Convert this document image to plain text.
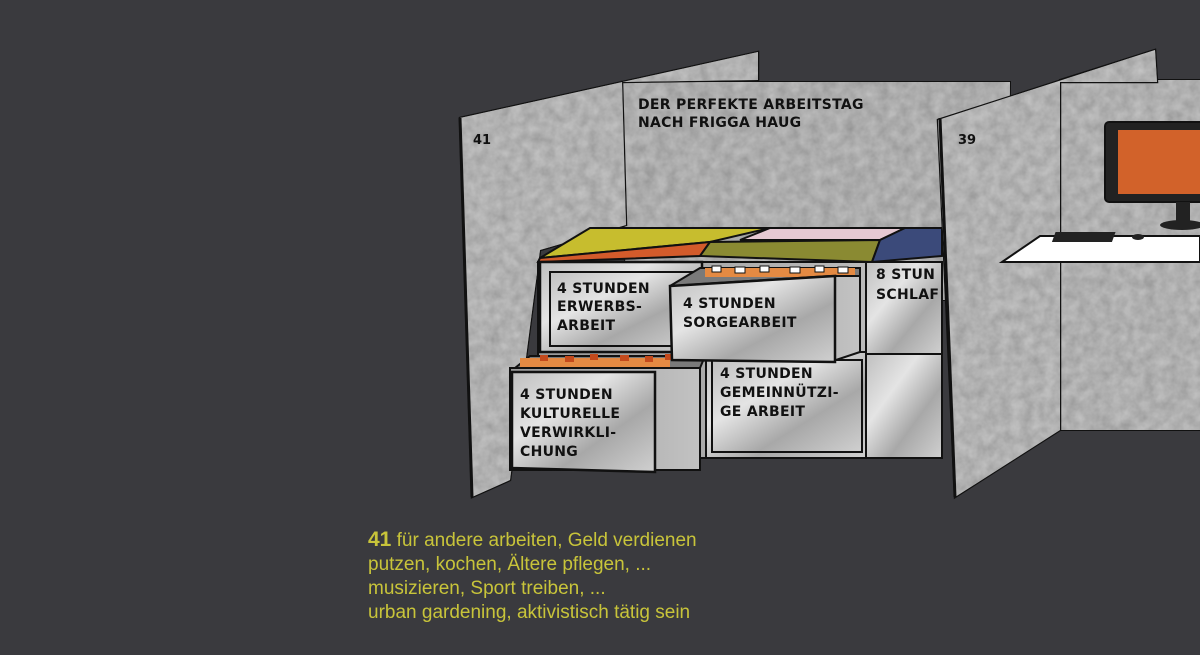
DER PERFEKTE ARBEITSTAG
NACH FRIGGA HAUG
41	39
4 STUNDEN
ERWERBS-
ARBEIT
4 STUNDEN
SORGEARBEIT
8 STUN
SCHLAF
4 STUNDEN
GEMEINNÜTZI-
GE ARBEIT
4 STUNDEN
KULTURELLE
VERWIRKLI-
CHUNG
41 für andere arbeiten, Geld verdienen
putzen, kochen, Ältere pflegen, ...
musizieren, Sport treiben, ...
urban gardening, aktivistisch tätig sein
